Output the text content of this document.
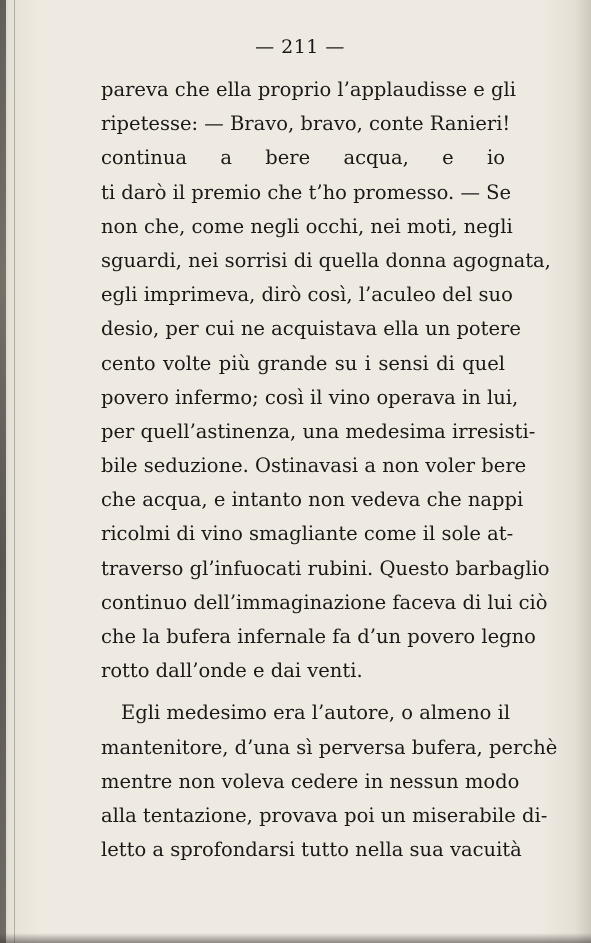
— 211 —
pareva che ella proprio l’applaudisse e gli
ripetesse: — Bravo, bravo, conte Ranieri!
continua a bere acqua, e io
ti darò il premio che t’ho promesso. — Se
non che, come negli occhi, nei moti, negli
sguardi, nei sorrisi di quella donna agognata,
egli imprimeva, dirò così, l’aculeo del suo
desio, per cui ne acquistava ella un potere
cento volte più grande su i sensi di quel
povero infermo; così il vino operava in lui,
per quell’astinenza, una medesima irresisti-
bile seduzione. Ostinavasi a non voler bere
che acqua, e intanto non vedeva che nappi
ricolmi di vino smagliante come il sole at-
traverso gl’infuocati rubini. Questo barbaglio
continuo dell’immaginazione faceva di lui ciò
che la bufera infernale fa d’un povero legno
rotto dall’onde e dai venti.
Egli medesimo era l’autore, o almeno il
mantenitore, d’una sì perversa bufera, perchè
mentre non voleva cedere in nessun modo
alla tentazione, provava poi un miserabile di-
letto a sprofondarsi tutto nella sua vacuità
